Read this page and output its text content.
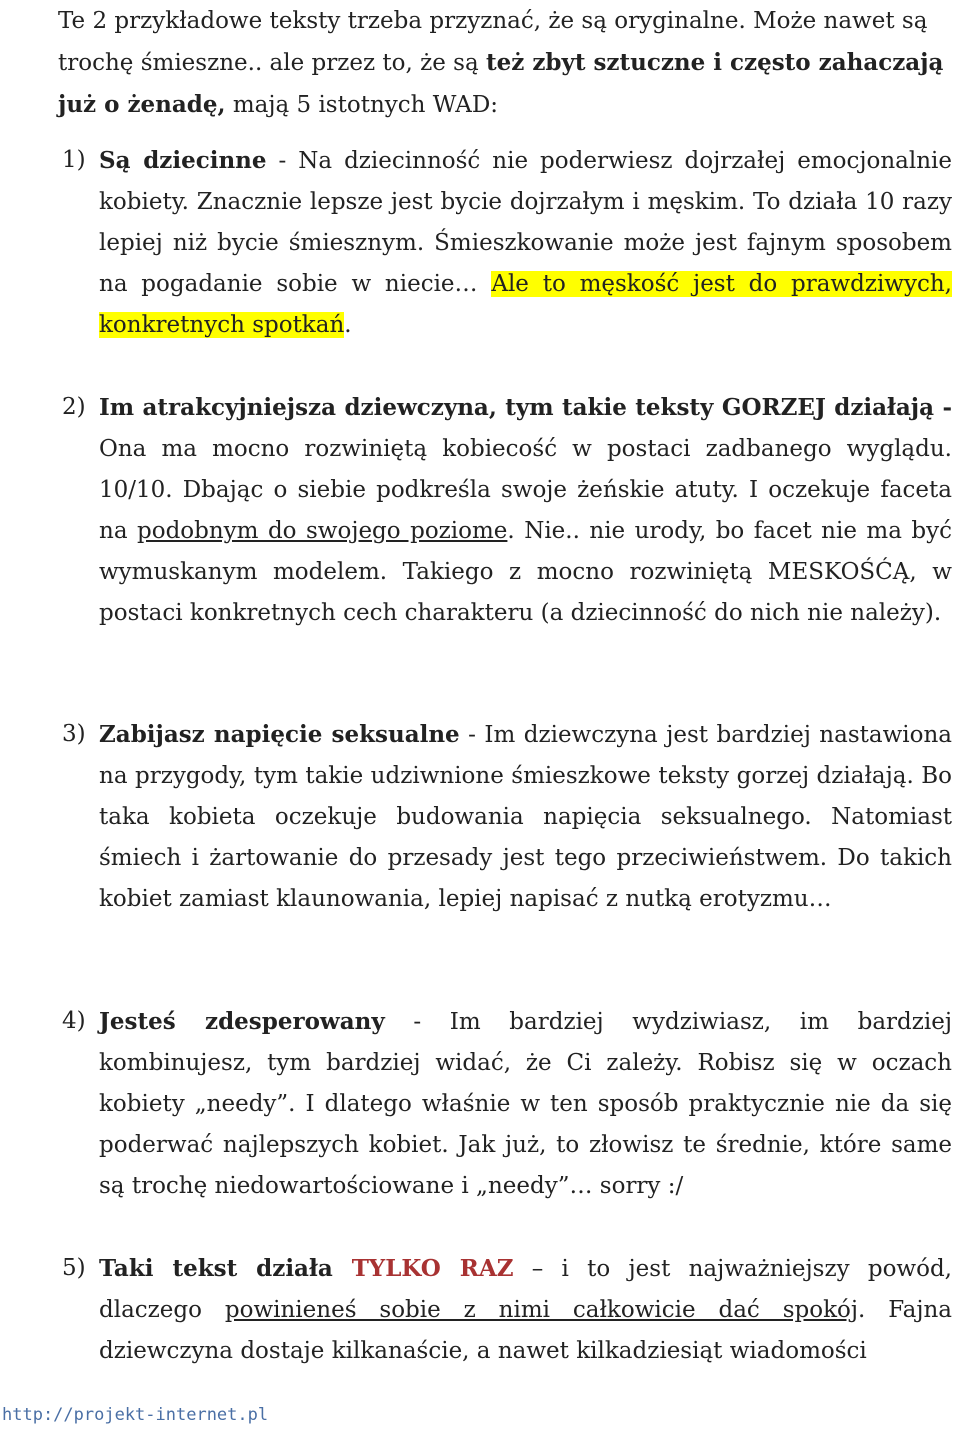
Te 2 przykładowe teksty trzeba przyznać, że są oryginalne. Może nawet są trochę śmieszne.. ale przez to, że są też zbyt sztuczne i często zahaczają już o żenadę, mają 5 istotnych WAD:

1) Są dziecinne - Na dziecinność nie poderwiesz dojrzałej emocjonalnie kobiety. Znacznie lepsze jest bycie dojrzałym i męskim. To działa 10 razy lepiej niż bycie śmiesznym. Śmieszkowanie może jest fajnym sposobem na pogadanie sobie w niecie… Ale to męskość jest do prawdziwych, konkretnych spotkań.
2) Im atrakcyjniejsza dziewczyna, tym takie teksty GORZEJ działają - Ona ma mocno rozwiniętą kobiecość w postaci zadbanego wyglądu. 10/10. Dbając o siebie podkreśla swoje żeńskie atuty. I oczekuje faceta na podobnym do swojego poziome. Nie.. nie urody, bo facet nie ma być wymuskanym modelem. Takiego z mocno rozwiniętą MESKOŚĆĄ, w postaci konkretnych cech charakteru (a dziecinność do nich nie należy).
3) Zabijasz napięcie seksualne - Im dziewczyna jest bardziej nastawiona na przygody, tym takie udziwnione śmieszkowe teksty gorzej działają. Bo taka kobieta oczekuje budowania napięcia seksualnego. Natomiast śmiech i żartowanie do przesady jest tego przeciwieństwem. Do takich kobiet zamiast klaunowania, lepiej napisać z nutką erotyzmu…
4) Jesteś zdesperowany - Im bardziej wydziwiasz, im bardziej kombinujesz, tym bardziej widać, że Ci zależy. Robisz się w oczach kobiety „needy”. I dlatego właśnie w ten sposób praktycznie nie da się poderwać najlepszych kobiet. Jak już, to złowisz te średnie, które same są trochę niedowartościowane i „needy”… sorry :/
5) Taki tekst działa TYLKO RAZ – i to jest najważniejszy powód, dlaczego powinieneś sobie z nimi całkowicie dać spokój. Fajna dziewczyna dostaje kilkanaście, a nawet kilkadziesiąt wiadomości
http://projekt-internet.pl
